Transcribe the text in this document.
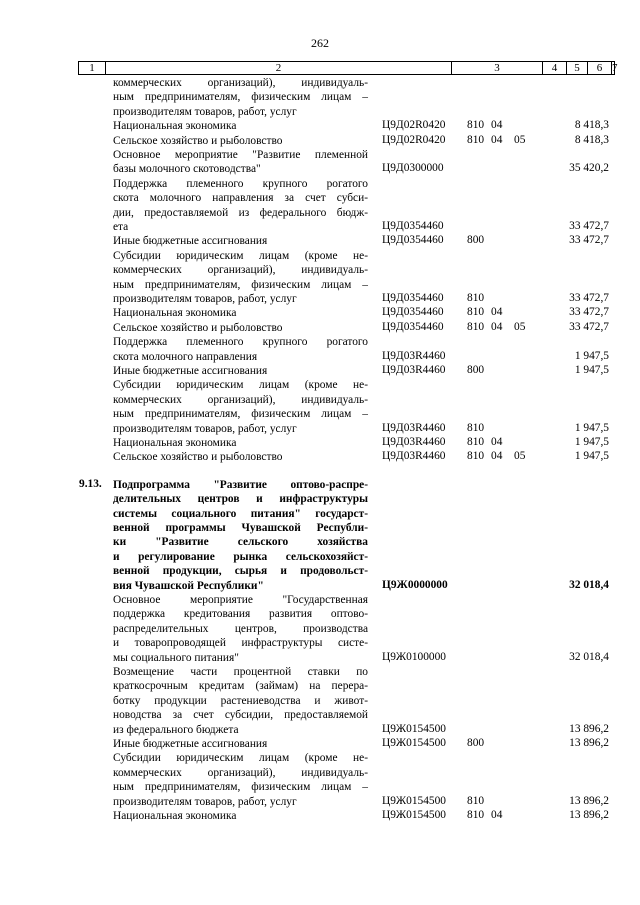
262
1	2	3	4	5	6 7
коммерческих организаций), индивидуаль-
ным предпринимателям, физическим лицам –
производителям товаров, работ, услуг
Национальная экономика	Ц9Д02R0420 810 04	8 418,3
Сельское хозяйство и рыболовство	Ц9Д02R0420 810 04 05	8 418,3
Основное мероприятие "Развитие племенной
базы молочного скотоводства"	Ц9Д0300000	35 420,2
Поддержка племенного крупного рогатого
скота молочного направления за счет субси-
дии, предоставляемой из федерального бюдж-
ета	Ц9Д0354460	33 472,7
Иные бюджетные ассигнования	Ц9Д0354460 800	33 472,7
Субсидии юридическим лицам (кроме не-
коммерческих организаций), индивидуаль-
ным предпринимателям, физическим лицам –
производителям товаров, работ, услуг	Ц9Д0354460 810	33 472,7
Национальная экономика	Ц9Д0354460 810 04	33 472,7
Сельское хозяйство и рыболовство	Ц9Д0354460 810 04 05	33 472,7
Поддержка племенного крупного рогатого
скота молочного направления	Ц9Д03R4460	1 947,5
Иные бюджетные ассигнования	Ц9Д03R4460 800	1 947,5
Субсидии юридическим лицам (кроме не-
коммерческих организаций), индивидуаль-
ным предпринимателям, физическим лицам –
производителям товаров, работ, услуг	Ц9Д03R4460 810	1 947,5
Национальная экономика	Ц9Д03R4460 810 04	1 947,5
Сельское хозяйство и рыболовство	Ц9Д03R4460 810 04 05	1 947,5
9.13. Подпрограмма "Развитие оптово-распре-
делительных центров и инфраструктуры
системы социального питания" государст-
венной программы Чувашской Республи-
ки "Развитие сельского хозяйства
и регулирование рынка сельскохозяйст-
венной продукции, сырья и продовольст-
вия Чувашской Республики"	Ц9Ж0000000	32 018,4
Основное мероприятие "Государственная
поддержка кредитования развития оптово-
распределительных центров, производства
и товаропроводящей инфраструктуры систе-
мы социального питания"	Ц9Ж0100000	32 018,4
Возмещение части процентной ставки по
краткосрочным кредитам (займам) на перера-
ботку продукции растениеводства и живот-
новодства за счет субсидии, предоставляемой
из федерального бюджета	Ц9Ж0154500	13 896,2
Иные бюджетные ассигнования	Ц9Ж0154500 800	13 896,2
Субсидии юридическим лицам (кроме не-
коммерческих организаций), индивидуаль-
ным предпринимателям, физическим лицам –
производителям товаров, работ, услуг	Ц9Ж0154500 810	13 896,2
Национальная экономика	Ц9Ж0154500 810 04	13 896,2
